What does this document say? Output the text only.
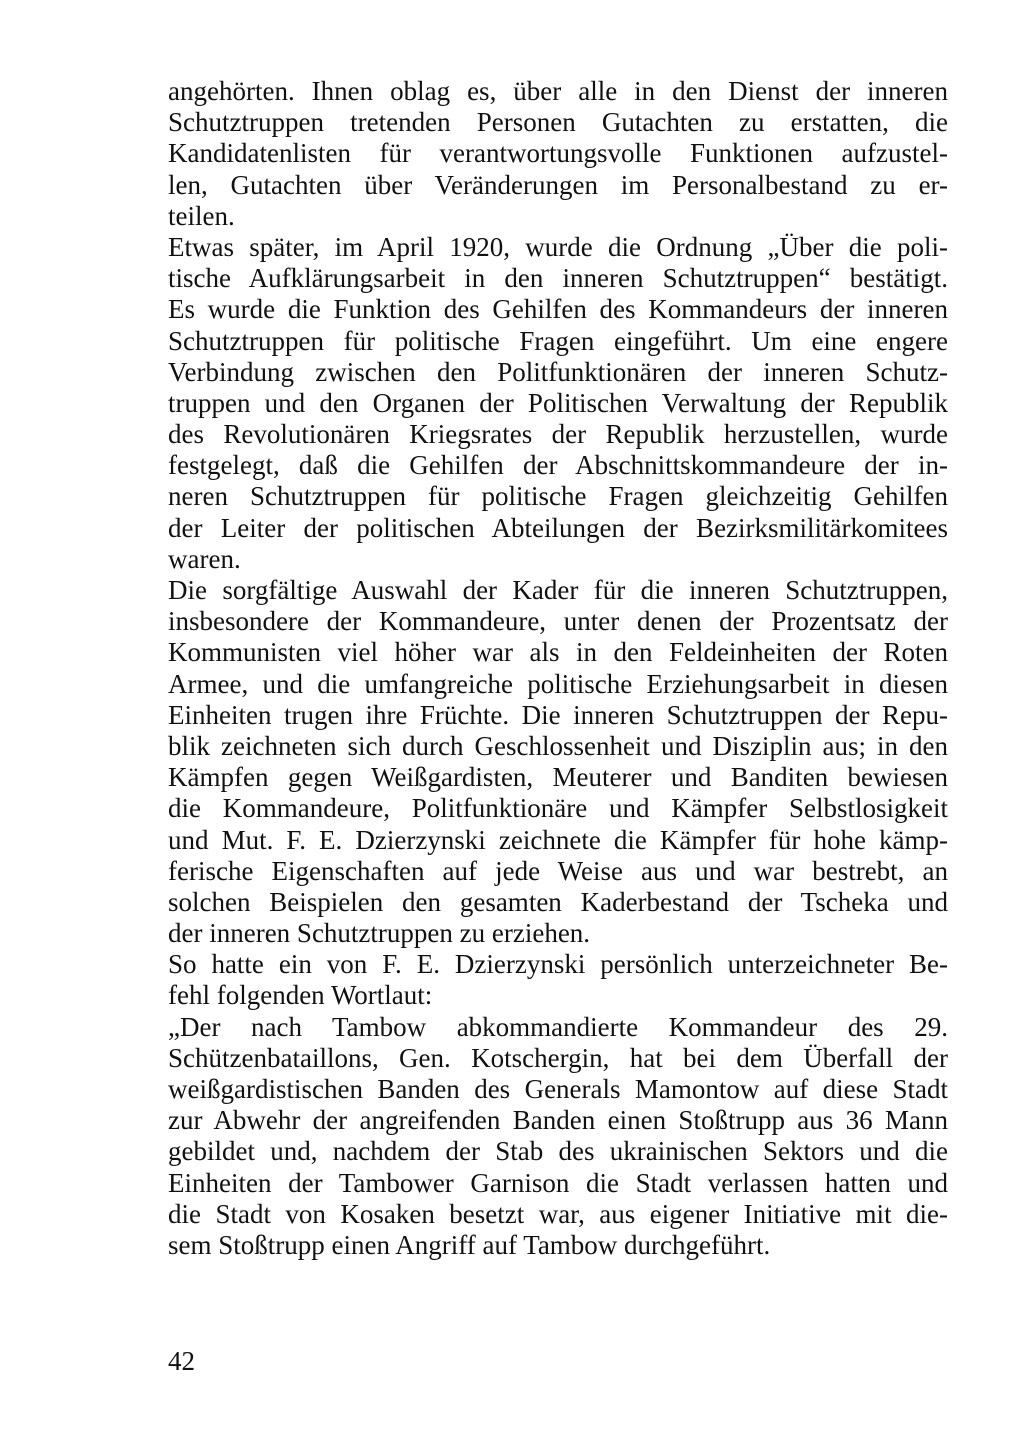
angehörten. Ihnen oblag es, über alle in den Dienst der inneren
Schutztruppen tretenden Personen Gutachten zu erstatten, die
Kandidatenlisten für verantwortungsvolle Funktionen aufzustel-
len, Gutachten über Veränderungen im Personalbestand zu er-
teilen.
Etwas später, im April 1920, wurde die Ordnung „Über die poli-
tische Aufklärungsarbeit in den inneren Schutztruppen“ bestätigt.
Es wurde die Funktion des Gehilfen des Kommandeurs der inneren
Schutztruppen für politische Fragen eingeführt. Um eine engere
Verbindung zwischen den Politfunktionären der inneren Schutz-
truppen und den Organen der Politischen Verwaltung der Republik
des Revolutionären Kriegsrates der Republik herzustellen, wurde
festgelegt, daß die Gehilfen der Abschnittskommandeure der in-
neren Schutztruppen für politische Fragen gleichzeitig Gehilfen
der Leiter der politischen Abteilungen der Bezirksmilitärkomitees
waren.
Die sorgfältige Auswahl der Kader für die inneren Schutztruppen,
insbesondere der Kommandeure, unter denen der Prozentsatz der
Kommunisten viel höher war als in den Feldeinheiten der Roten
Armee, und die umfangreiche politische Erziehungsarbeit in diesen
Einheiten trugen ihre Früchte. Die inneren Schutztruppen der Repu-
blik zeichneten sich durch Geschlossenheit und Disziplin aus; in den
Kämpfen gegen Weißgardisten, Meuterer und Banditen bewiesen
die Kommandeure, Politfunktionäre und Kämpfer Selbstlosigkeit
und Mut. F. E. Dzierzynski zeichnete die Kämpfer für hohe kämp-
ferische Eigenschaften auf jede Weise aus und war bestrebt, an
solchen Beispielen den gesamten Kaderbestand der Tscheka und
der inneren Schutztruppen zu erziehen.
So hatte ein von F. E. Dzierzynski persönlich unterzeichneter Be-
fehl folgenden Wortlaut:
„Der nach Tambow abkommandierte Kommandeur des 29.
Schützenbataillons, Gen. Kotschergin, hat bei dem Überfall der
weißgardistischen Banden des Generals Mamontow auf diese Stadt
zur Abwehr der angreifenden Banden einen Stoßtrupp aus 36 Mann
gebildet und, nachdem der Stab des ukrainischen Sektors und die
Einheiten der Tambower Garnison die Stadt verlassen hatten und
die Stadt von Kosaken besetzt war, aus eigener Initiative mit die-
sem Stoßtrupp einen Angriff auf Tambow durchgeführt.
42
